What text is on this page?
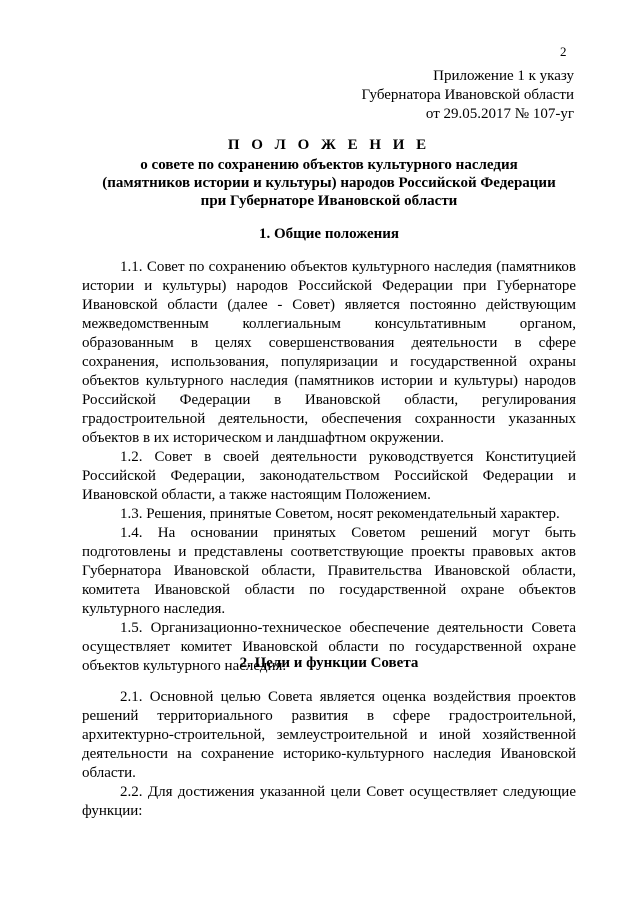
2
Приложение 1 к указу
Губернатора Ивановской области
от 29.05.2017 № 107-уг
П О Л О Ж Е Н И Е
о совете по сохранению объектов культурного наследия
(памятников истории и культуры) народов Российской Федерации
при Губернаторе Ивановской области
1. Общие положения

1.1. Совет по сохранению объектов культурного наследия (памятников истории и культуры) народов Российской Федерации при Губернаторе Ивановской области (далее - Совет) является постоянно действующим межведомственным коллегиальным консультативным органом, образованным в целях совершенствования деятельности в сфере сохранения, использования, популяризации и государственной охраны объектов культурного наследия (памятников истории и культуры) народов Российской Федерации в Ивановской области, регулирования градостроительной деятельности, обеспечения сохранности указанных объектов в их историческом и ландшафтном окружении.

1.2. Совет в своей деятельности руководствуется Конституцией Российской Федерации, законодательством Российской Федерации и Ивановской области, а также настоящим Положением.

1.3. Решения, принятые Советом, носят рекомендательный характер.

1.4. На основании принятых Советом решений могут быть подготовлены и представлены соответствующие проекты правовых актов Губернатора Ивановской области, Правительства Ивановской области, комитета Ивановской области по государственной охране объектов культурного наследия.

1.5. Организационно-техническое обеспечение деятельности Совета осуществляет комитет Ивановской области по государственной охране объектов культурного наследия.

2. Цели и функции Совета

2.1. Основной целью Совета является оценка воздействия проектов решений территориального развития в сфере градостроительной, архитектурно-строительной, землеустроительной и иной хозяйственной деятельности на сохранение историко-культурного наследия Ивановской области.

2.2. Для достижения указанной цели Совет осуществляет следующие функции:
